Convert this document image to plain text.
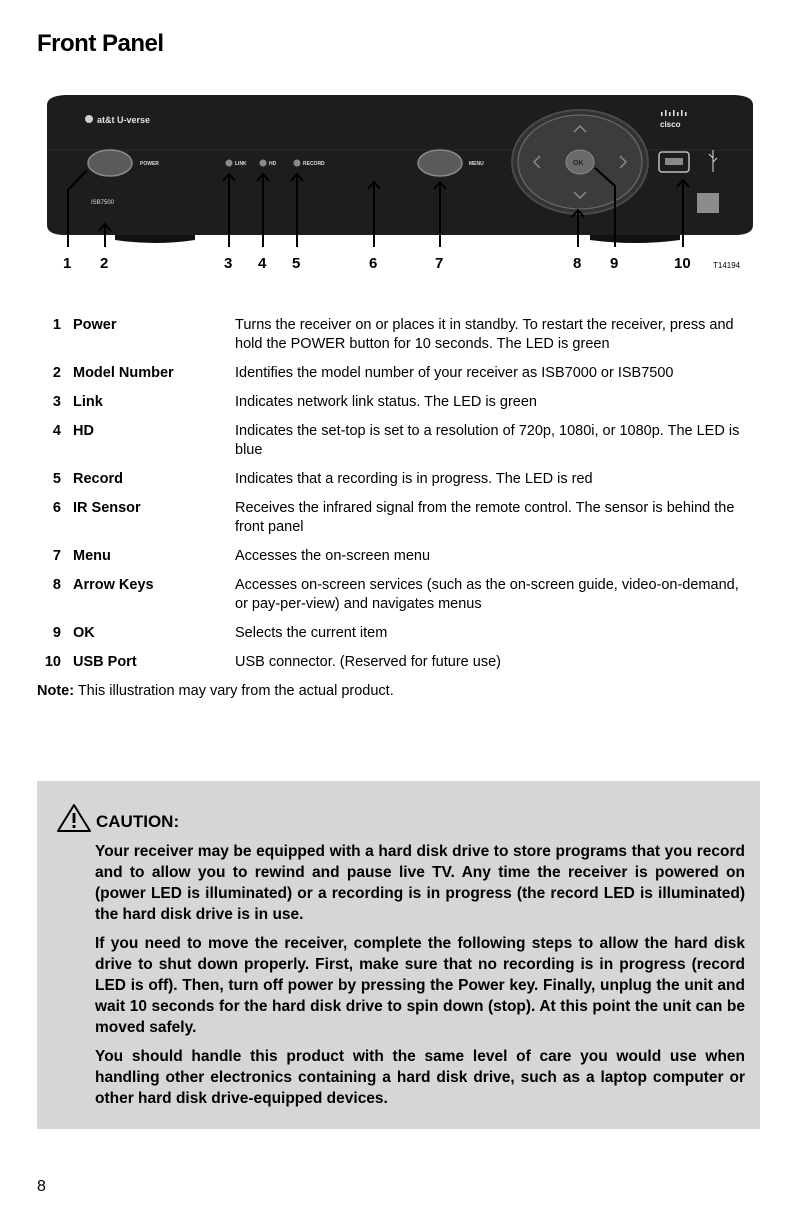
Front Panel
at&t U-verse	cisco
POWER	LINK	HD	RECORD	MENU	OK
ISB7500
1 2	3 4 5	6	7	8 9	10	T14194
1 Power	Turns the receiver on or places it in standby. To restart the receiver, press and hold the POWER button for 10 seconds. The LED is green
2 Model Number	Identifies the model number of your receiver as ISB7000 or ISB7500
3 Link	Indicates network link status. The LED is green
4 HD	Indicates the set-top is set to a resolution of 720p, 1080i, or 1080p. The LED is blue
5 Record	Indicates that a recording is in progress. The LED is red
6 IR Sensor	Receives the infrared signal from the remote control. The sensor is behind the front panel
7 Menu	Accesses the on-screen menu
8 Arrow Keys	Accesses on-screen services (such as the on-screen guide, video-on-demand, or pay-per-view) and navigates menus
9 OK	Selects the current item
10 USB Port	USB connector. (Reserved for future use)
Note: This illustration may vary from the actual product.
CAUTION:

Your receiver may be equipped with a hard disk drive to store programs that you record and to allow you to rewind and pause live TV. Any time the receiver is powered on (power LED is illuminated) or a recording is in progress (the record LED is illuminated) the hard disk drive is in use.

If you need to move the receiver, complete the following steps to allow the hard disk drive to shut down properly. First, make sure that no recording is in progress (record LED is off). Then, turn off power by pressing the Power key. Finally, unplug the unit and wait 10 seconds for the hard disk drive to spin down (stop). At this point the unit can be moved safely.

You should handle this product with the same level of care you would use when handling other electronics containing a hard disk drive, such as a laptop computer or other hard disk drive-equipped devices.

8
